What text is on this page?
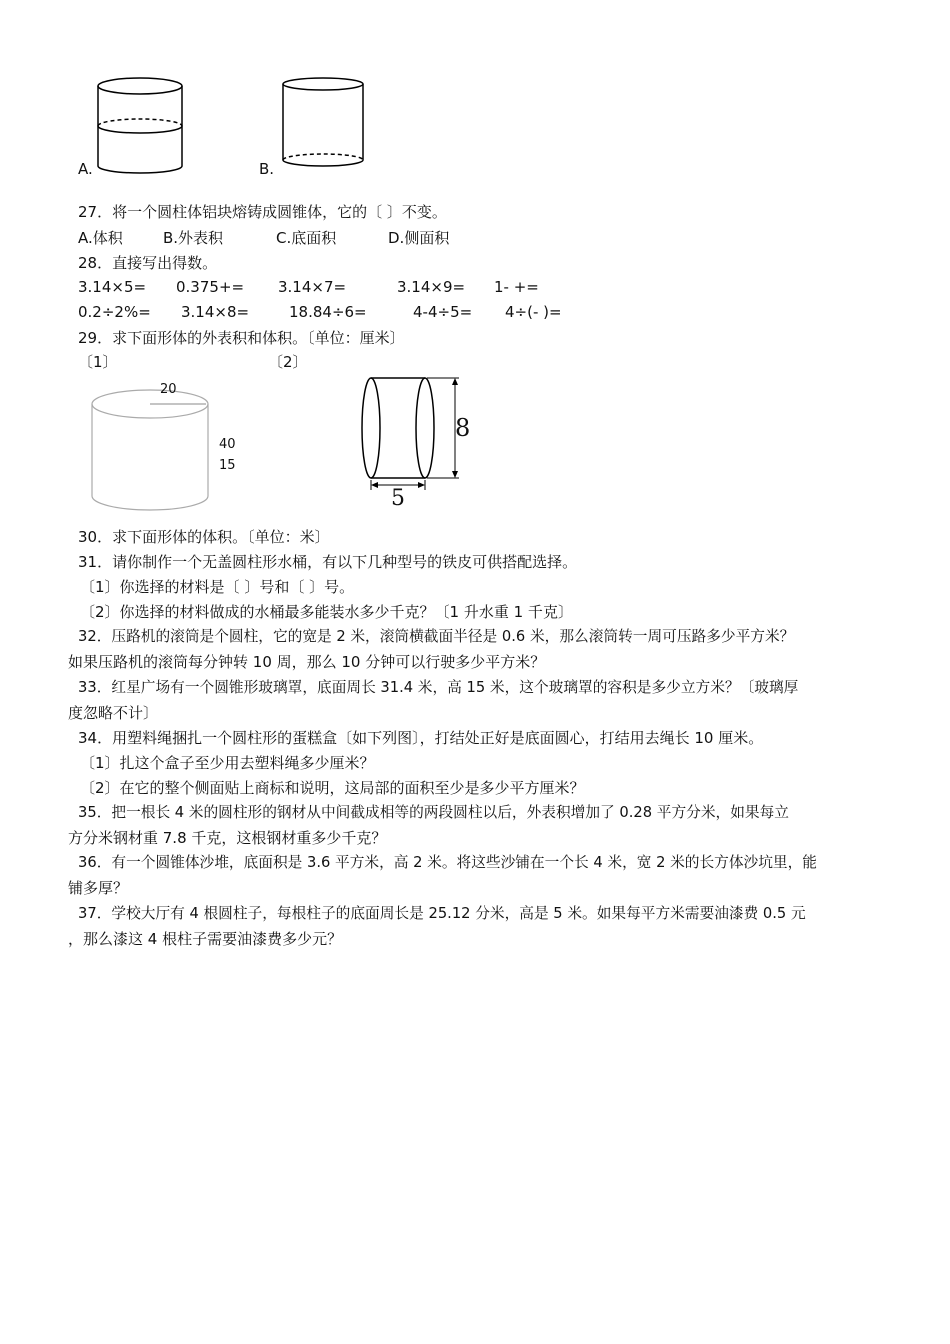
A.	B.
27．将一个圆柱体铝块熔铸成圆锥体，它的〔 〕不变。
A.体积	B.外表积	C.底面积	D.侧面积
28．直接写出得数。
3.14×5= 0.375+= 3.14×7=	3.14×9= 1- +=
0.2÷2%= 3.14×8=	18.84÷6=	4-4÷5= 4÷(- )=
29．求下面形体的外表积和体积。〔单位：厘米〕
〔1〕	〔2〕
20
40
15
8
5
30．求下面形体的体积。〔单位：米〕
31．请你制作一个无盖圆柱形水桶，有以下几种型号的铁皮可供搭配选择。
〔1〕你选择的材料是〔 〕号和〔 〕号。
〔2〕你选择的材料做成的水桶最多能装水多少千克？〔1 升水重 1 千克〕
32．压路机的滚筒是个圆柱，它的宽是 2 米，滚筒横截面半径是 0.6 米，那么滚筒转一周可压路多少平方米？
如果压路机的滚筒每分钟转 10 周，那么 10 分钟可以行驶多少平方米？
33．红星广场有一个圆锥形玻璃罩，底面周长 31.4 米，高 15 米，这个玻璃罩的容积是多少立方米？〔玻璃厚
度忽略不计〕
34．用塑料绳捆扎一个圆柱形的蛋糕盒〔如下列图〕，打结处正好是底面圆心，打结用去绳长 10 厘米。
〔1〕扎这个盒子至少用去塑料绳多少厘米？
〔2〕在它的整个侧面贴上商标和说明，这局部的面积至少是多少平方厘米？
35．把一根长 4 米的圆柱形的钢材从中间截成相等的两段圆柱以后，外表积增加了 0.28 平方分米，如果每立
方分米钢材重 7.8 千克，这根钢材重多少千克？
36．有一个圆锥体沙堆，底面积是 3.6 平方米，高 2 米。将这些沙铺在一个长 4 米，宽 2 米的长方体沙坑里，能
铺多厚？
37．学校大厅有 4 根圆柱子，每根柱子的底面周长是 25.12 分米，高是 5 米。如果每平方米需要油漆费 0.5 元
，那么漆这 4 根柱子需要油漆费多少元？
